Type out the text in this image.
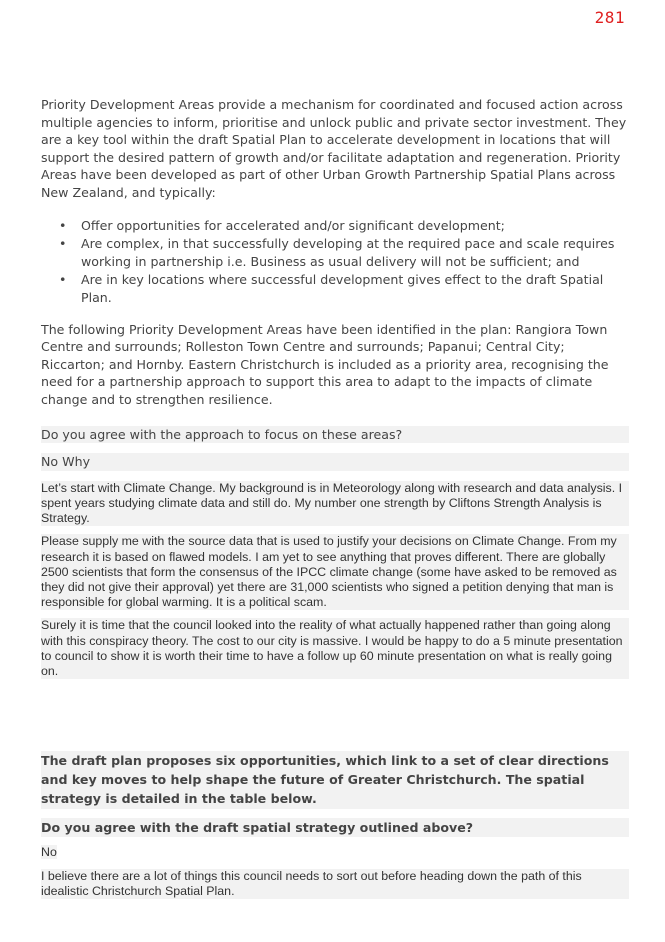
281

Priority Development Areas provide a mechanism for coordinated and focused action across multiple agencies to inform, prioritise and unlock public and private sector investment. They are a key tool within the draft Spatial Plan to accelerate development in locations that will support the desired pattern of growth and/or facilitate adaptation and regeneration. Priority Areas have been developed as part of other Urban Growth Partnership Spatial Plans across New Zealand, and typically:

• Offer opportunities for accelerated and/or significant development;
• Are complex, in that successfully developing at the required pace and scale requires working in partnership i.e. Business as usual delivery will not be sufficient; and
• Are in key locations where successful development gives effect to the draft Spatial Plan.

The following Priority Development Areas have been identified in the plan: Rangiora Town Centre and surrounds; Rolleston Town Centre and surrounds; Papanui; Central City; Riccarton; and Hornby. Eastern Christchurch is included as a priority area, recognising the need for a partnership approach to support this area to adapt to the impacts of climate change and to strengthen resilience.

Do you agree with the approach to focus on these areas?

No Why

Let’s start with Climate Change. My background is in Meteorology along with research and data analysis. I spent years studying climate data and still do. My number one strength by Cliftons Strength Analysis is Strategy.

Please supply me with the source data that is used to justify your decisions on Climate Change. From my research it is based on flawed models. I am yet to see anything that proves different. There are globally 2500 scientists that form the consensus of the IPCC climate change (some have asked to be removed as they did not give their approval) yet there are 31,000 scientists who signed a petition denying that man is responsible for global warming. It is a political scam.

Surely it is time that the council looked into the reality of what actually happened rather than going along with this conspiracy theory. The cost to our city is massive. I would be happy to do a 5 minute presentation to council to show it is worth their time to have a follow up 60 minute presentation on what is really going on.

The draft plan proposes six opportunities, which link to a set of clear directions and key moves to help shape the future of Greater Christchurch. The spatial strategy is detailed in the table below.

Do you agree with the draft spatial strategy outlined above?

No

I believe there are a lot of things this council needs to sort out before heading down the path of this idealistic Christchurch Spatial Plan.
